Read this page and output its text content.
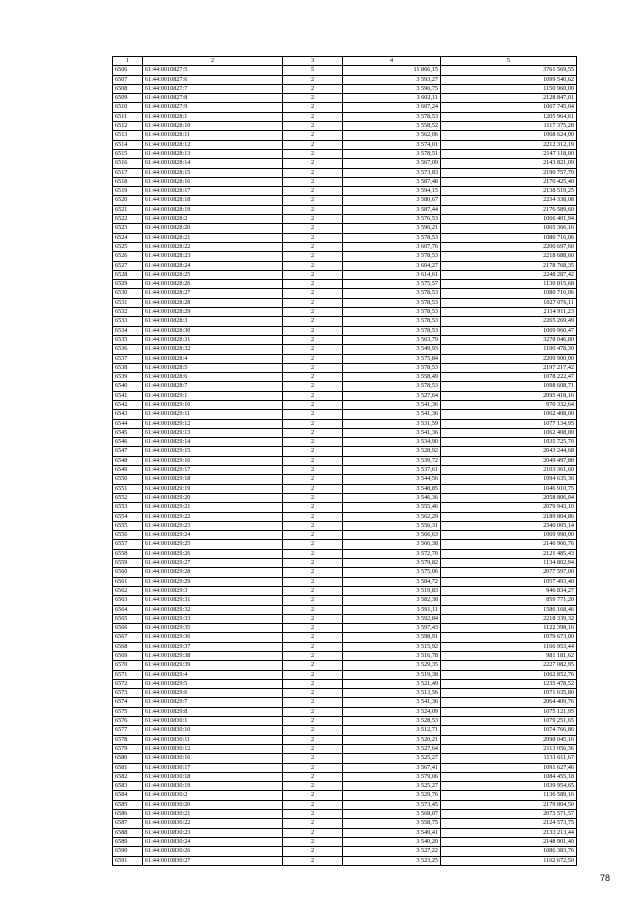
1	2	3	4	5
6506	61:44:0010827:5	5	11 866,15	3761 569,55
6507	61:44:0010827:6	2	3 593,27	1099 540,62
6508	61:44:0010827:7	2	3 596,75	1150 960,00
6509	61:44:0010827:8	2	3 602,11	2128 847,01
6510	61:44:0010827:9	2	3 607,24	1067 745,04
6511	61:44:0010828:1	2	3 578,53	1205 964,61
6512	61:44:0010828:10	2	3 558,52	1117 375,28
6513	61:44:0010828:11	2	3 562,06	1068 624,00
6514	61:44:0010828:12	2	3 574,01	2212 312,19
6515	61:44:0010828:13	2	3 578,51	2147 118,00
6516	61:44:0010828:14	2	3 567,09	2143 821,09
6517	61:44:0010828:15	2	3 573,83	2190 757,70
6518	61:44:0010828:16	2	3 587,48	2170 425,40
6519	61:44:0010828:17	2	3 594,15	2138 519,25
6520	61:44:0010828:18	2	3 580,67	2234 338,08
6521	61:44:0010828:19	2	3 587,44	2176 589,60
6522	61:44:0010828:2	2	3 576,53	1066 401,94
6523	61:44:0010828:20	2	3 596,21	1065 366,16
6524	61:44:0010828:21	2	3 578,53	1080 716,06
6525	61:44:0010828:22	2	3 607,76	2200 697,60
6526	61:44:0010828:23	2	3 578,53	2218 688,60
6527	61:44:0010828:24	2	3 604,27	2178 768,35
6528	61:44:0010828:25	2	3 614,61	2248 287,42
6529	61:44:0010828:26	2	3 575,57	1130 815,68
6530	61:44:0010828:27	2	3 578,53	1080 716,06
6531	61:44:0010828:28	2	3 578,53	1027 076,11
6532	61:44:0010828:29	2	3 578,53	2114 911,23
6533	61:44:0010828:3	2	3 578,53	2265 269,49
6534	61:44:0010828:30	2	3 578,53	1069 960,47
6535	61:44:0010828:31	2	3 563,79	3278 046,80
6536	61:44:0010828:32	2	3 549,93	1100 478,30
6537	61:44:0010828:4	2	3 575,84	2209 900,00
6538	61:44:0010828:5	2	3 578,53	2197 217,42
6539	61:44:0010828:6	2	3 558,49	1078 222,47
6540	61:44:0010828:7	2	3 578,53	1098 608,71
6541	61:44:0010829:1	2	3 527,64	2095 418,16
6542	61:44:0010829:10	2	3 541,36	970 332,64
6543	61:44:0010829:11	2	3 541,36	1062 408,00
6544	61:44:0010829:12	2	3 531,59	1077 134,95
6545	61:44:0010829:13	2	3 541,36	1062 408,00
6546	61:44:0010829:14	2	3 534,90	1035 725,70
6547	61:44:0010829:15	2	3 528,92	2043 244,68
6548	61:44:0010829:16	2	3 539,72	2049 497,88
6549	61:44:0010829:17	2	3 537,61	2103 361,60
6550	61:44:0010829:18	2	3 544,56	1094 635,36
6551	61:44:0010829:19	2	3 548,85	1046 910,75
6552	61:44:0010829:20	2	3 546,36	2058 806,04
6553	61:44:0010829:21	2	3 555,46	2079 943,10
6554	61:44:0010829:22	2	3 562,29	2189 804,86
6555	61:44:0010829:23	2	3 556,31	2340 005,14
6556	61:44:0010829:24	2	3 566,63	1069 990,00
6557	61:44:0010829:25	2	3 566,38	2146 966,76
6558	61:44:0010829:26	2	3 572,70	2121 485,43
6559	61:44:0010829:27	2	3 579,82	1134 802,94
6560	61:44:0010829:28	2	3 575,06	2077 597,00
6561	61:44:0010829:29	2	3 584,72	1057 493,40
6562	61:44:0010829:3	2	3 519,83	946 834,27
6563	61:44:0010829:31	2	3 582,38	859 771,20
6564	61:44:0010829:32	2	3 591,11	1586 168,46
6565	61:44:0010829:33	2	3 592,84	2218 339,32
6566	61:44:0010829:35	2	3 597,43	1122 398,16
6567	61:44:0010829:36	2	3 598,91	1079 673,00
6568	61:44:0010829:37	2	3 515,92	1166 953,44
6569	61:44:0010829:38	2	3 516,78	981 181,62
6570	61:44:0010829:39	2	3 529,35	2227 082,95
6571	61:44:0010829:4	2	3 519,38	1062 852,76
6572	61:44:0010829:5	2	3 521,49	1235 478,52
6573	61:44:0010829:6	2	3 513,56	1071 635,80
6574	61:44:0010829:7	2	3 541,36	2064 409,76
6575	61:44:0010829:8	2	3 524,09	1075 121,95
6576	61:44:0010830:1	2	3 528,53	1079 251,65
6577	61:44:0010830:10	2	3 512,71	1074 766,86
6578	61:44:0010830:11	2	3 520,21	2098 045,16
6579	61:44:0010830:12	2	3 527,64	2113 056,36
6580	61:44:0010830:16	2	3 525,27	1131 611,67
6581	61:44:0010830:17	2	3 567,41	1091 627,46
6582	61:44:0010830:18	2	3 579,06	1084 455,18
6583	61:44:0010830:19	2	3 525,27	1039 954,65
6584	61:44:0010830:2	2	3 529,76	1136 589,16
6585	61:44:0010830:20	2	3 573,45	2179 804,50
6586	61:44:0010830:21	2	3 568,07	2073 571,57
6587	61:44:0010830:22	2	3 558,75	2124 573,75
6588	61:44:0010830:23	2	3 549,41	2133 213,44
6589	61:44:0010830:24	2	3 540,20	2148 901,40
6590	61:44:0010830:26	2	3 527,22	1086 383,76
6591	61:44:0010830:27	2	3 523,25	1162 672,50
78
